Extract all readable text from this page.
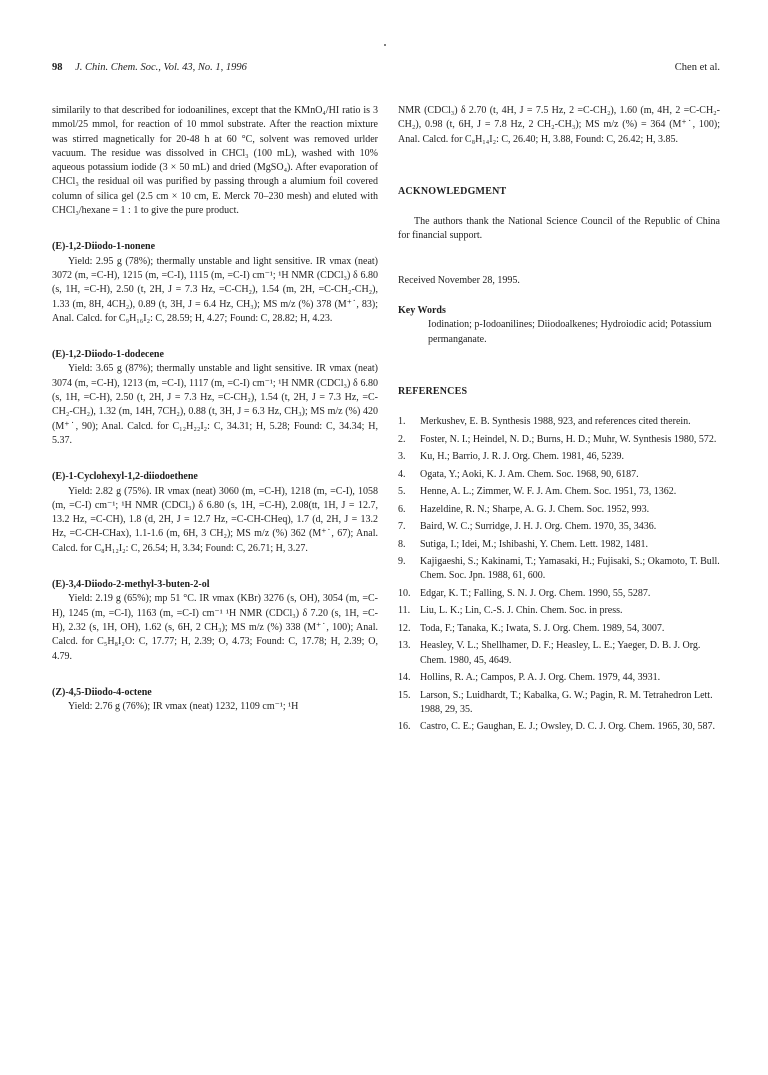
98 J. Chin. Chem. Soc., Vol. 43, No. 1, 1996	Chen et al.

similarily to that described for iodoanilines, except that the KMnO₄/HI ratio is 3 mmol/25 mmol, for reaction of 10 mmol substrate. After the reaction mixture was stirred magnetically for 20-48 h at 60 °C, solvent was removed urlder vacuum. The residue was dissolved in CHCl₃ (100 mL), washed with 10% aqueous potassium iodide (3 × 50 mL) and dried (MgSO₄). After evaporation of CHCl₃ the residual oil was purified by passing through a alumium foil covered column of silica gel (2.5 cm × 10 cm, E. Merck 70–230 mesh) and eluted with CHCl₃/hexane = 1 : 1 to give the pure product.

(E)-1,2-Diiodo-1-nonene

Yield: 2.95 g (78%); thermally unstable and light sensitive. IR νmax (neat) 3072 (m, =C-H), 1215 (m, =C-I), 1115 (m, =C-I) cm⁻¹; ¹H NMR (CDCl₃) δ 6.80 (s, 1H, =C-H), 2.50 (t, 2H, J = 7.3 Hz, =C-CH₂), 1.54 (m, 2H, =C-CH₂-CH₂), 1.33 (m, 8H, 4CH₂), 0.89 (t, 3H, J = 6.4 Hz, CH₃); MS m/z (%) 378 (M⁺˙, 83); Anal. Calcd. for C₉H₁₆I₂: C, 28.59; H, 4.27; Found: C, 28.82; H, 4.23.

(E)-1,2-Diiodo-1-dodecene

Yield: 3.65 g (87%); thermally unstable and light sensitive. IR νmax (neat) 3074 (m, =C-H), 1213 (m, =C-I), 1117 (m, =C-I) cm⁻¹; ¹H NMR (CDCl₃) δ 6.80 (s, 1H, =C-H), 2.50 (t, 2H, J = 7.3 Hz, =C-CH₂), 1.54 (t, 2H, J = 7.3 Hz, =C-CH₂-CH₂), 1.32 (m, 14H, 7CH₂), 0.88 (t, 3H, J = 6.3 Hz, CH₃); MS m/z (%) 420 (M⁺˙, 90); Anal. Calcd. for C₁₂H₂₂I₂: C, 34.31; H, 5.28; Found: C, 34.34; H, 5.37.

(E)-1-Cyclohexyl-1,2-diiodoethene

Yield: 2.82 g (75%). IR νmax (neat) 3060 (m, =C-H), 1218 (m, =C-I), 1058 (m, =C-I) cm⁻¹; ¹H NMR (CDCl₃) δ 6.80 (s, 1H, =C-H), 2.08(tt, 1H, J = 12.7, 13.2 Hz, =C-CH), 1.8 (d, 2H, J = 12.7 Hz, =C-CH-CHeq), 1.7 (d, 2H, J = 13.2 Hz, =C-CH-CHax), 1.1-1.6 (m, 6H, 3 CH₂); MS m/z (%) 362 (M⁺˙, 67); Anal. Calcd. for C₈H₁₂I₂: C, 26.54; H, 3.34; Found: C, 26.71; H, 3.27.

(E)-3,4-Diiodo-2-methyl-3-buten-2-ol

Yield: 2.19 g (65%); mp 51 °C. IR νmax (KBr) 3276 (s, OH), 3054 (m, =C-H), 1245 (m, =C-I), 1163 (m, =C-I) cm⁻¹ ¹H NMR (CDCl₃) δ 7.20 (s, 1H, =C-H), 2.32 (s, 1H, OH), 1.62 (s, 6H, 2 CH₃); MS m/z (%) 338 (M⁺˙, 100); Anal. Calcd. for C₅H₈I₂O: C, 17.77; H, 2.39; O, 4.73; Found: C, 17.78; H, 2.39; O, 4.79.

(Z)-4,5-Diiodo-4-octene

Yield: 2.76 g (76%); IR νmax (neat) 1232, 1109 cm⁻¹; ¹H

NMR (CDCl₃) δ 2.70 (t, 4H, J = 7.5 Hz, 2 =C-CH₂), 1.60 (m, 4H, 2 =C-CH₂-CH₂), 0.98 (t, 6H, J = 7.8 Hz, 2 CH₂-CH₃); MS m/z (%) = 364 (M⁺˙, 100); Anal. Calcd. for C₈H₁₄I₂: C, 26.40; H, 3.88, Found: C, 26.42; H, 3.85.

ACKNOWLEDGMENT

The authors thank the National Science Council of the Republic of China for financial support.

Received November 28, 1995.

Key Words

Iodination; p-Iodoanilines; Diiodoalkenes; Hydroiodic acid; Potassium permanganate.

REFERENCES

1. Merkushev, E. B. Synthesis 1988, 923, and references cited therein.
2. Foster, N. I.; Heindel, N. D.; Burns, H. D.; Muhr, W. Synthesis 1980, 572.
3. Ku, H.; Barrio, J. R. J. Org. Chem. 1981, 46, 5239.
4. Ogata, Y.; Aoki, K. J. Am. Chem. Soc. 1968, 90, 6187.
5. Henne, A. L.; Zimmer, W. F. J. Am. Chem. Soc. 1951, 73, 1362.
6. Hazeldine, R. N.; Sharpe, A. G. J. Chem. Soc. 1952, 993.
7. Baird, W. C.; Surridge, J. H. J. Org. Chem. 1970, 35, 3436.
8. Sutiga, I.; Idei, M.; Ishibashi, Y. Chem. Lett. 1982, 1481.
9. Kajigaeshi, S.; Kakinami, T.; Yamasaki, H.; Fujisaki, S.; Okamoto, T. Bull. Chem. Soc. Jpn. 1988, 61, 600.
10. Edgar, K. T.; Falling, S. N. J. Org. Chem. 1990, 55, 5287.
11. Liu, L. K.; Lin, C.-S. J. Chin. Chem. Soc. in press.
12. Toda, F.; Tanaka, K.; Iwata, S. J. Org. Chem. 1989, 54, 3007.
13. Heasley, V. L.; Shellhamer, D. F.; Heasley, L. E.; Yaeger, D. B. J. Org. Chem. 1980, 45, 4649.
14. Hollins, R. A.; Campos, P. A. J. Org. Chem. 1979, 44, 3931.
15. Larson, S.; Luidhardt, T.; Kabalka, G. W.; Pagin, R. M. Tetrahedron Lett. 1988, 29, 35.
16. Castro, C. E.; Gaughan, E. J.; Owsley, D. C. J. Org. Chem. 1965, 30, 587.
